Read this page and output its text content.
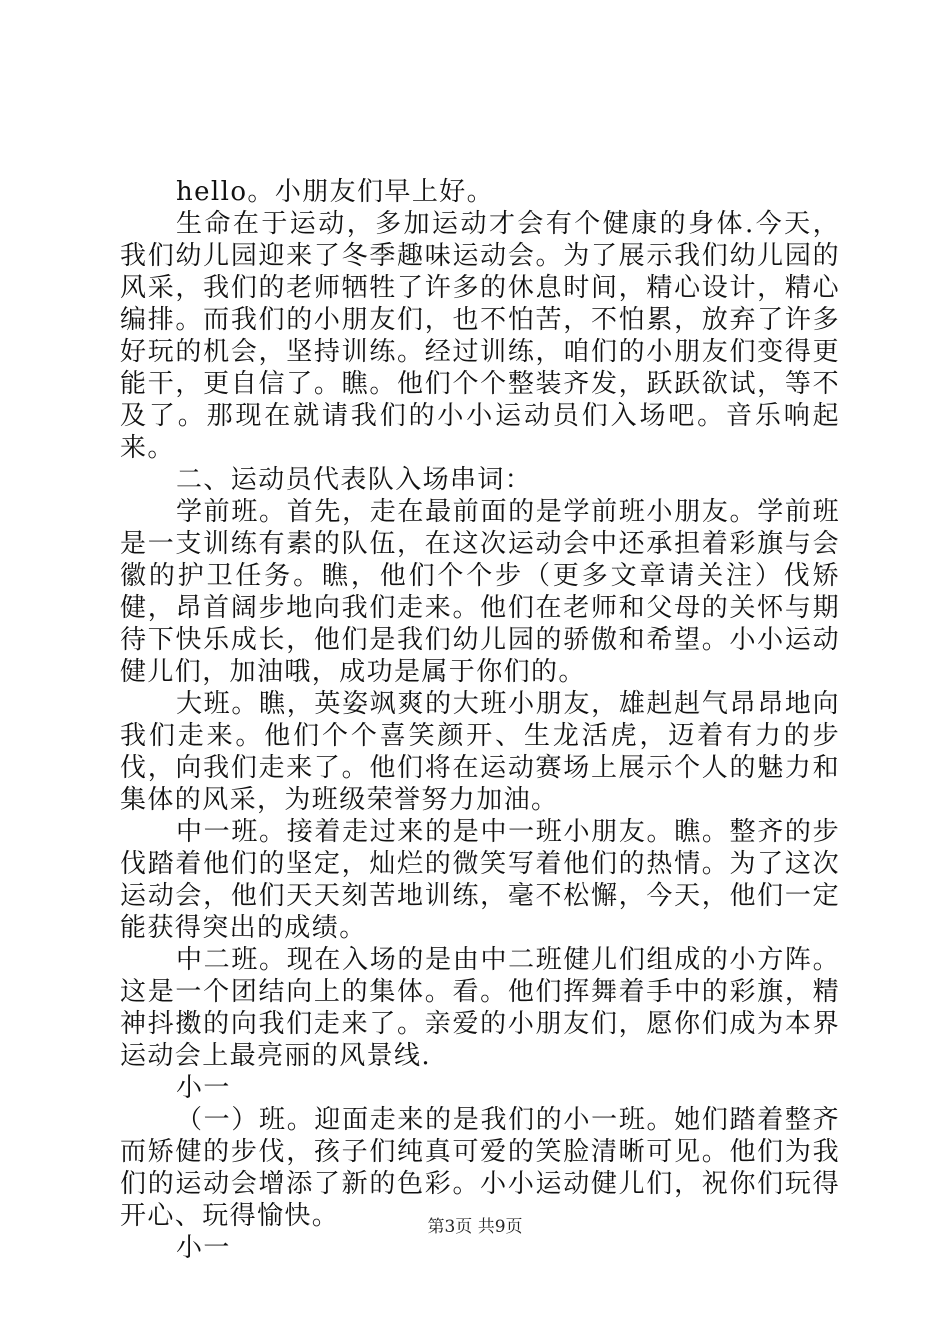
hello。小朋友们早上好。

生命在于运动，多加运动才会有个健康的身体.今天，我们幼儿园迎来了冬季趣味运动会。为了展示我们幼儿园的风采，我们的老师牺牲了许多的休息时间，精心设计，精心编排。而我们的小朋友们，也不怕苦，不怕累，放弃了许多好玩的机会，坚持训练。经过训练，咱们的小朋友们变得更能干，更自信了。瞧。他们个个整装齐发，跃跃欲试，等不及了。那现在就请我们的小小运动员们入场吧。音乐响起来。

二、运动员代表队入场串词：

学前班。首先，走在最前面的是学前班小朋友。学前班是一支训练有素的队伍，在这次运动会中还承担着彩旗与会徽的护卫任务。瞧，他们个个步（更多文章请关注）伐矫健，昂首阔步地向我们走来。他们在老师和父母的关怀与期待下快乐成长，他们是我们幼儿园的骄傲和希望。小小运动健儿们，加油哦，成功是属于你们的。

大班。瞧，英姿飒爽的大班小朋友，雄赳赳气昂昂地向我们走来。他们个个喜笑颜开、生龙活虎，迈着有力的步伐，向我们走来了。他们将在运动赛场上展示个人的魅力和集体的风采，为班级荣誉努力加油。

中一班。接着走过来的是中一班小朋友。瞧。整齐的步伐踏着他们的坚定，灿烂的微笑写着他们的热情。为了这次运动会，他们天天刻苦地训练，毫不松懈，今天，他们一定能获得突出的成绩。

中二班。现在入场的是由中二班健儿们组成的小方阵。这是一个团结向上的集体。看。他们挥舞着手中的彩旗，精神抖擞的向我们走来了。亲爱的小朋友们，愿你们成为本界运动会上最亮丽的风景线.

小一

（一）班。迎面走来的是我们的小一班。她们踏着整齐而矫健的步伐，孩子们纯真可爱的笑脸清晰可见。他们为我们的运动会增添了新的色彩。小小运动健儿们，祝你们玩得开心、玩得愉快。

小一

第3页 共9页
